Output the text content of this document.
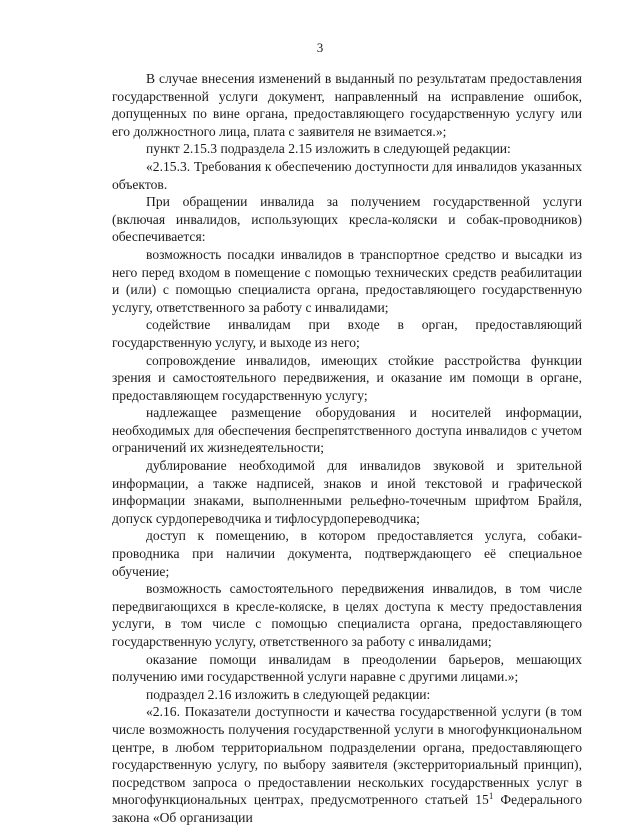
3

В случае внесения изменений в выданный по результатам предоставления государственной услуги документ, направленный на исправление ошибок, допущенных по вине органа, предоставляющего государственную услугу или его должностного лица, плата с заявителя не взимается.»;

пункт 2.15.3 подраздела 2.15 изложить в следующей редакции:

«2.15.3. Требования к обеспечению доступности для инвалидов указанных объектов.

При обращении инвалида за получением государственной услуги (включая инвалидов, использующих кресла-коляски и собак-проводников) обеспечивается:

возможность посадки инвалидов в транспортное средство и высадки из него перед входом в помещение с помощью технических средств реабилитации и (или) с помощью специалиста органа, предоставляющего государственную услугу, ответственного за работу с инвалидами;

содействие инвалидам при входе в орган, предоставляющий государственную услугу, и выходе из него;

сопровождение инвалидов, имеющих стойкие расстройства функции зрения и самостоятельного передвижения, и оказание им помощи в органе, предоставляющем государственную услугу;

надлежащее размещение оборудования и носителей информации, необходимых для обеспечения беспрепятственного доступа инвалидов с учетом ограничений их жизнедеятельности;

дублирование необходимой для инвалидов звуковой и зрительной информации, а также надписей, знаков и иной текстовой и графической информации знаками, выполненными рельефно-точечным шрифтом Брайля, допуск сурдопереводчика и тифлосурдопереводчика;

доступ к помещению, в котором предоставляется услуга, собаки-проводника при наличии документа, подтверждающего её специальное обучение;

возможность самостоятельного передвижения инвалидов, в том числе передвигающихся в кресле-коляске, в целях доступа к месту предоставления услуги, в том числе с помощью специалиста органа, предоставляющего государственную услугу, ответственного за работу с инвалидами;

оказание помощи инвалидам в преодолении барьеров, мешающих получению ими государственной услуги наравне с другими лицами.»;

подраздел 2.16 изложить в следующей редакции:

«2.16. Показатели доступности и качества государственной услуги (в том числе возможность получения государственной услуги в многофункциональном центре, в любом территориальном подразделении органа, предоставляющего государственную услугу, по выбору заявителя (экстерриториальный принцип), посредством запроса о предоставлении нескольких государственных услуг в многофункциональных центрах, предусмотренного статьей $15^1$ Федерального закона «Об организации
